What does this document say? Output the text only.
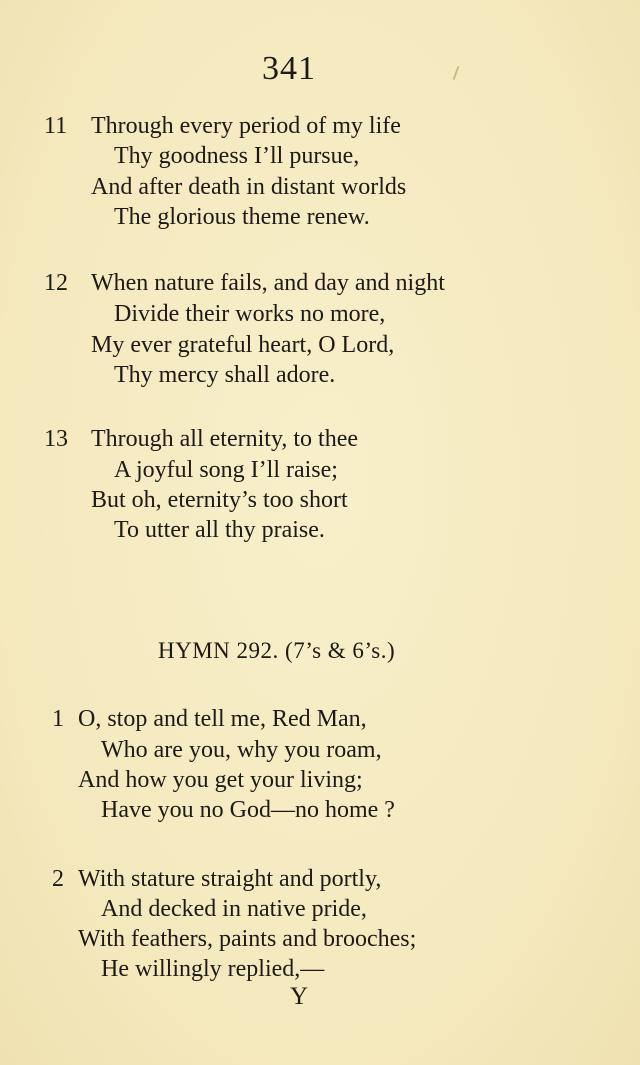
341
11 Through every period of my life
Thy goodness I’ll pursue,
And after death in distant worlds
The glorious theme renew.
12 When nature fails, and day and night
Divide their works no more,
My ever grateful heart, O Lord,
Thy mercy shall adore.
13 Through all eternity, to thee
A joyful song I’ll raise;
But oh, eternity’s too short
To utter all thy praise.
HYMN 292. (7’s & 6’s.)
1 O, stop and tell me, Red Man,
Who are you, why you roam,
And how you get your living;
Have you no God—no home ?
2 With stature straight and portly,
And decked in native pride,
With feathers, paints and brooches;
He willingly replied,—
Y
